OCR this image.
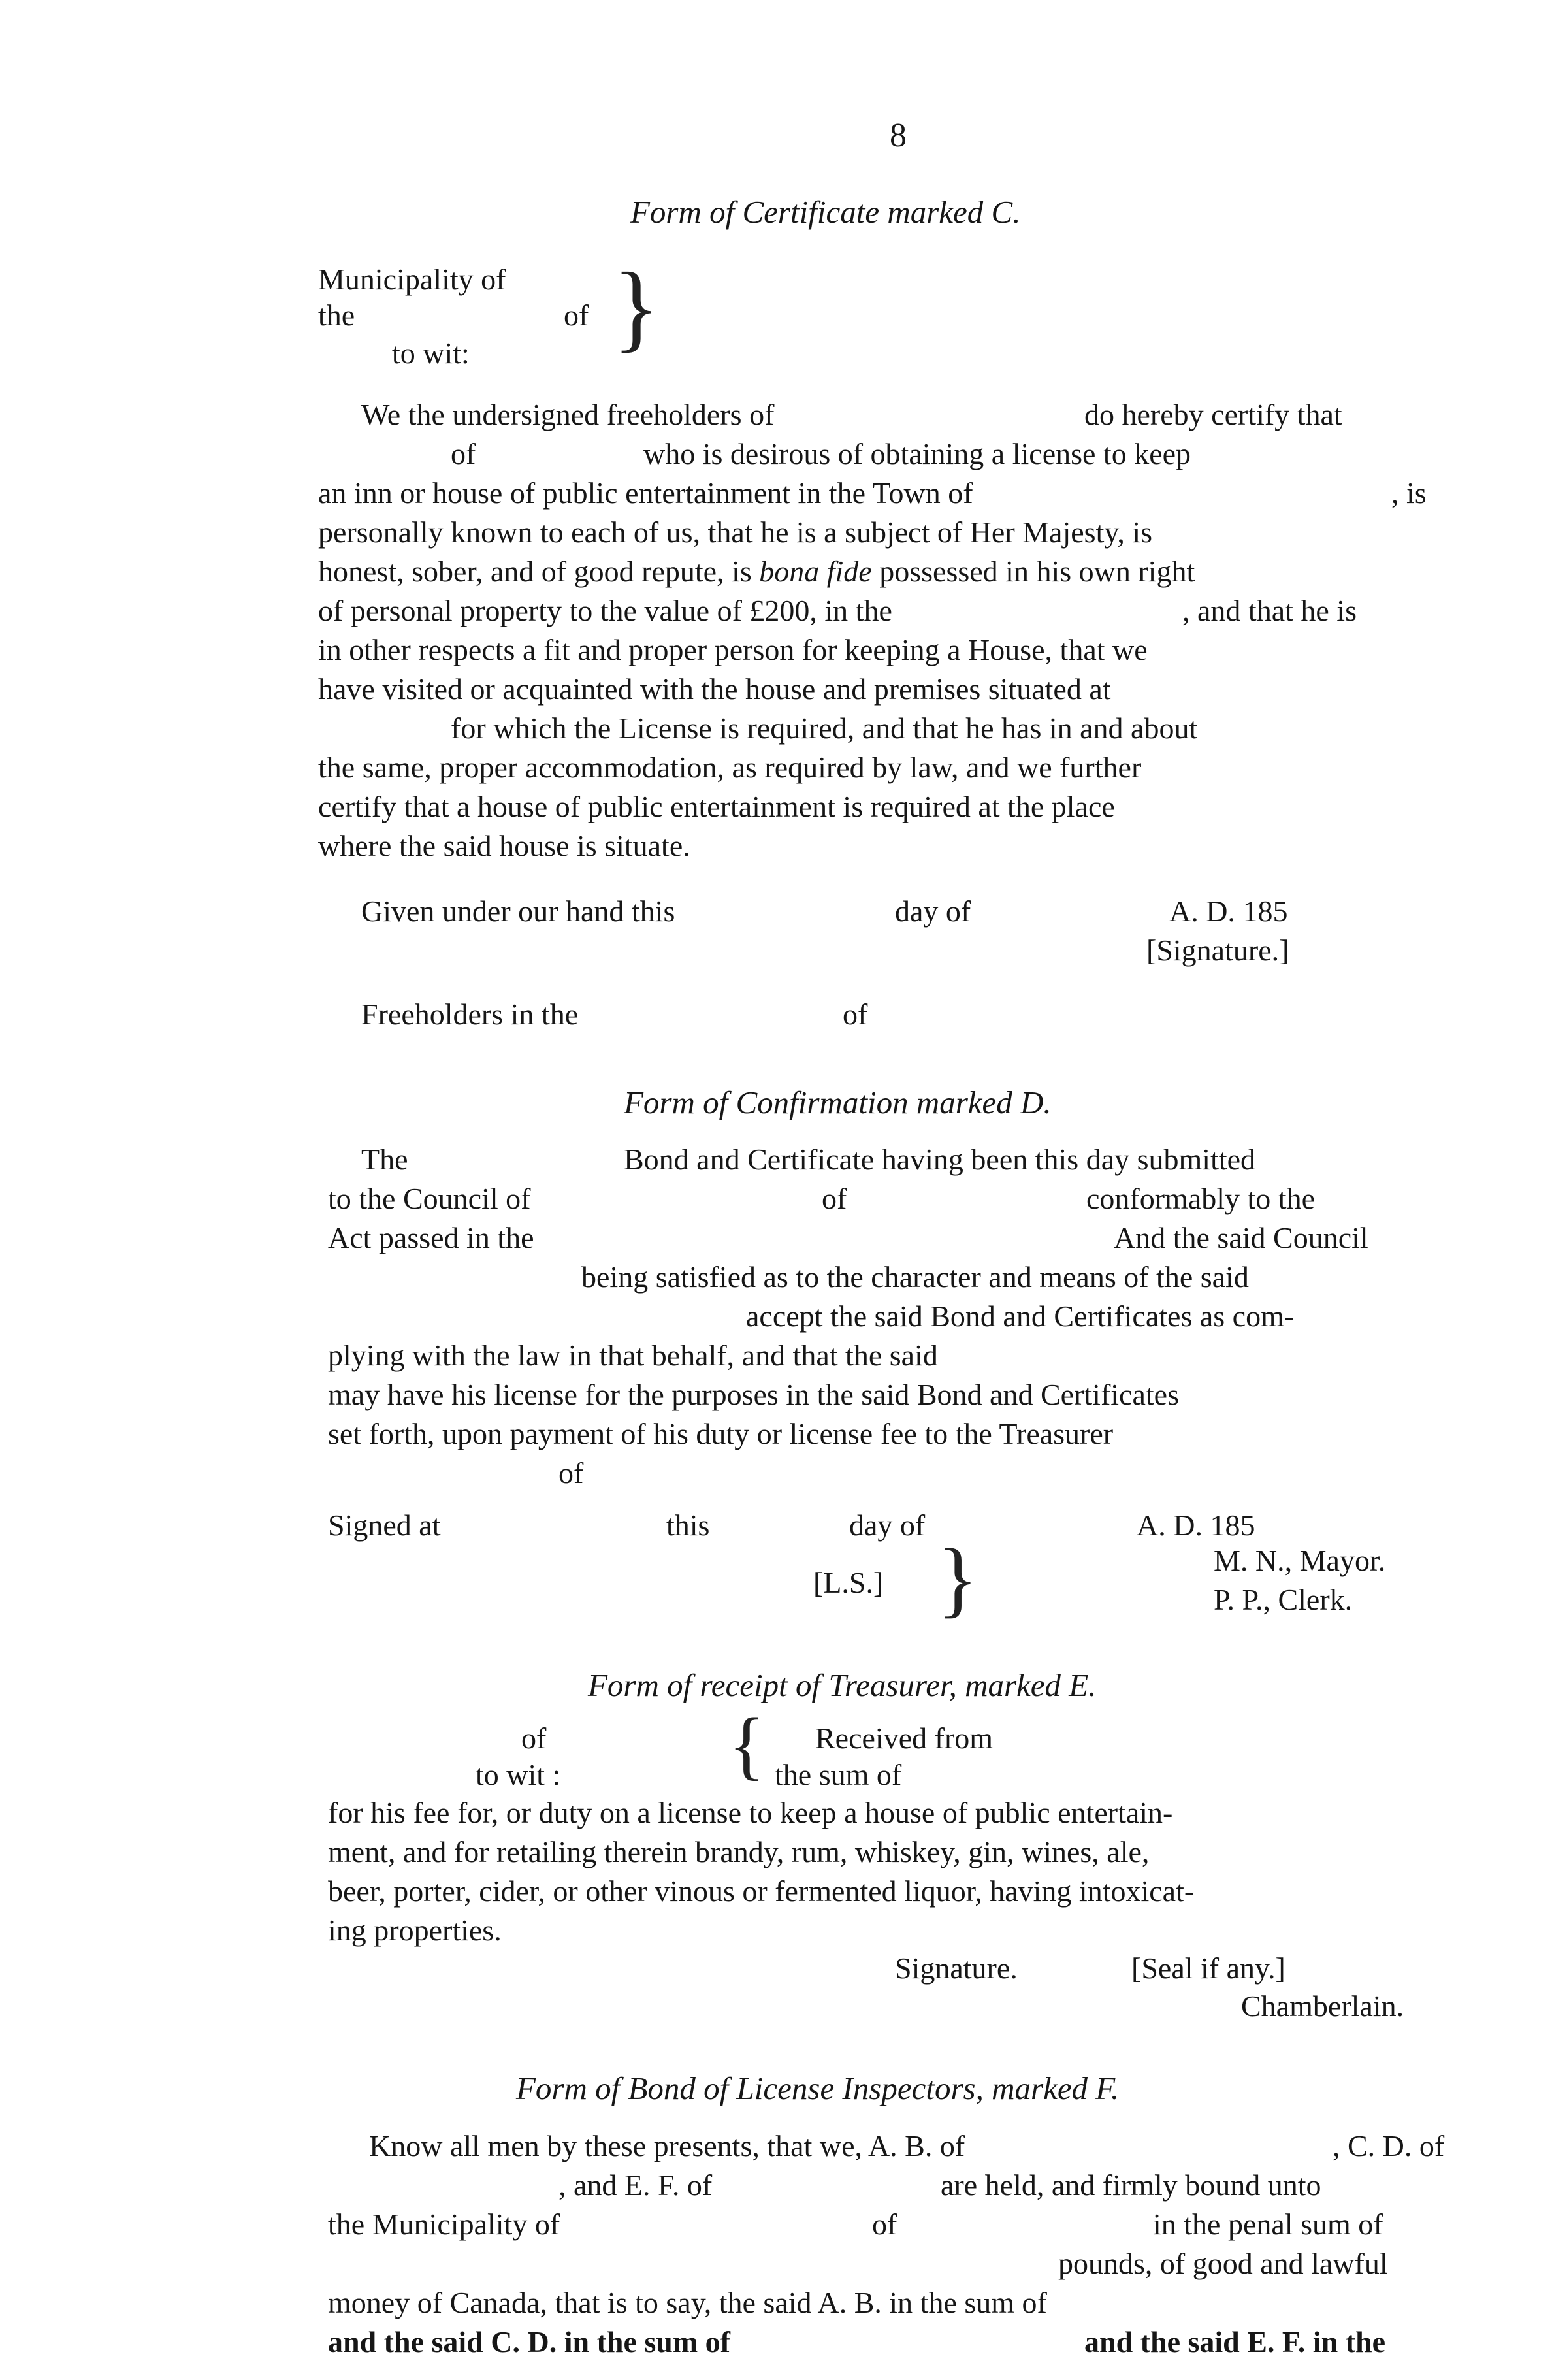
8
Form of Certificate marked C.
Municipality of
the	of
to wit: }
We the undersigned freeholders of	do hereby certify that
of	who is desirous of obtaining a license to keep
an inn or house of public entertainment in the Town of	, is
personally known to each of us, that he is a subject of Her Majesty, is
honest, sober, and of good repute, is bona fide possessed in his own right
of personal property to the value of £200, in the	, and that he is
in other respects a fit and proper person for keeping a House, that we
have visited or acquainted with the house and premises situated at
for which the License is required, and that he has in and about
the same, proper accommodation, as required by law, and we further
certify that a house of public entertainment is required at the place
where the said house is situate.
Given under our hand this	day of	A. D. 185
[Signature.]
Freeholders in the	of
Form of Confirmation marked D.
The	Bond and Certificate having been this day submitted
to the Council of	of	conformably to the
Act passed in the	And the said Council
being satisfied as to the character and means of the said
accept the said Bond and Certificates as com-
plying with the law in that behalf, and that the said
may have his license for the purposes in the said Bond and Certificates
set forth, upon payment of his duty or license fee to the Treasurer
of
Signed at	this	day of	A. D. 185
[L.S.] }	M. N., Mayor.
P. P., Clerk.
Form of receipt of Treasurer, marked E.
of
to wit : { Received from
the sum of
for his fee for, or duty on a license to keep a house of public entertain-
ment, and for retailing therein brandy, rum, whiskey, gin, wines, ale,
beer, porter, cider, or other vinous or fermented liquor, having intoxicat-
ing properties.
Signature.	[Seal if any.]
Chamberlain.
Form of Bond of License Inspectors, marked F.
Know all men by these presents, that we, A. B. of	, C. D. of
, and E. F. of	are held, and firmly bound unto
the Municipality of	of	in the penal sum of
pounds, of good and lawful
money of Canada, that is to say, the said A. B. in the sum of
and the said C. D. in the sum of	and the said E. F. in the
